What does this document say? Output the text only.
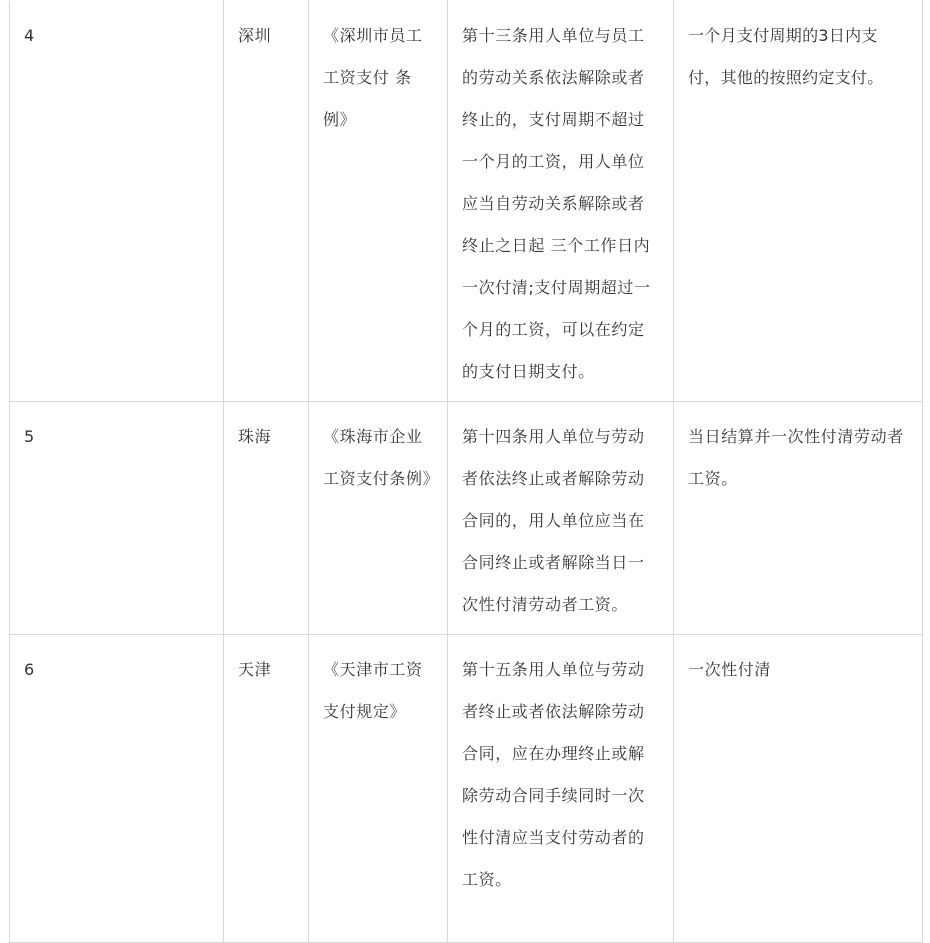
4	深圳	《深圳市员工工资支付 条例》	第十三条用人单位与员工的劳动关系依法解除或者终止的，支付周期不超过一个月的工资，用人单位应当自劳动关系解除或者终止之日起 三个工作日内一次付清;支付周期超过一个月的工资，可以在约定的支付日期支付。	一个月支付周期的3日内支付，其他的按照约定支付。
5	珠海	《珠海市企业工资支付条例》	第十四条用人单位与劳动者依法终止或者解除劳动合同的，用人单位应当在合同终止或者解除当日一次性付清劳动者工资。	当日结算并一次性付清劳动者工资。
6	天津	《天津市工资支付规定》	第十五条用人单位与劳动者终止或者依法解除劳动合同，应在办理终止或解除劳动合同手续同时一次性付清应当支付劳动者的工资。	一次性付清
